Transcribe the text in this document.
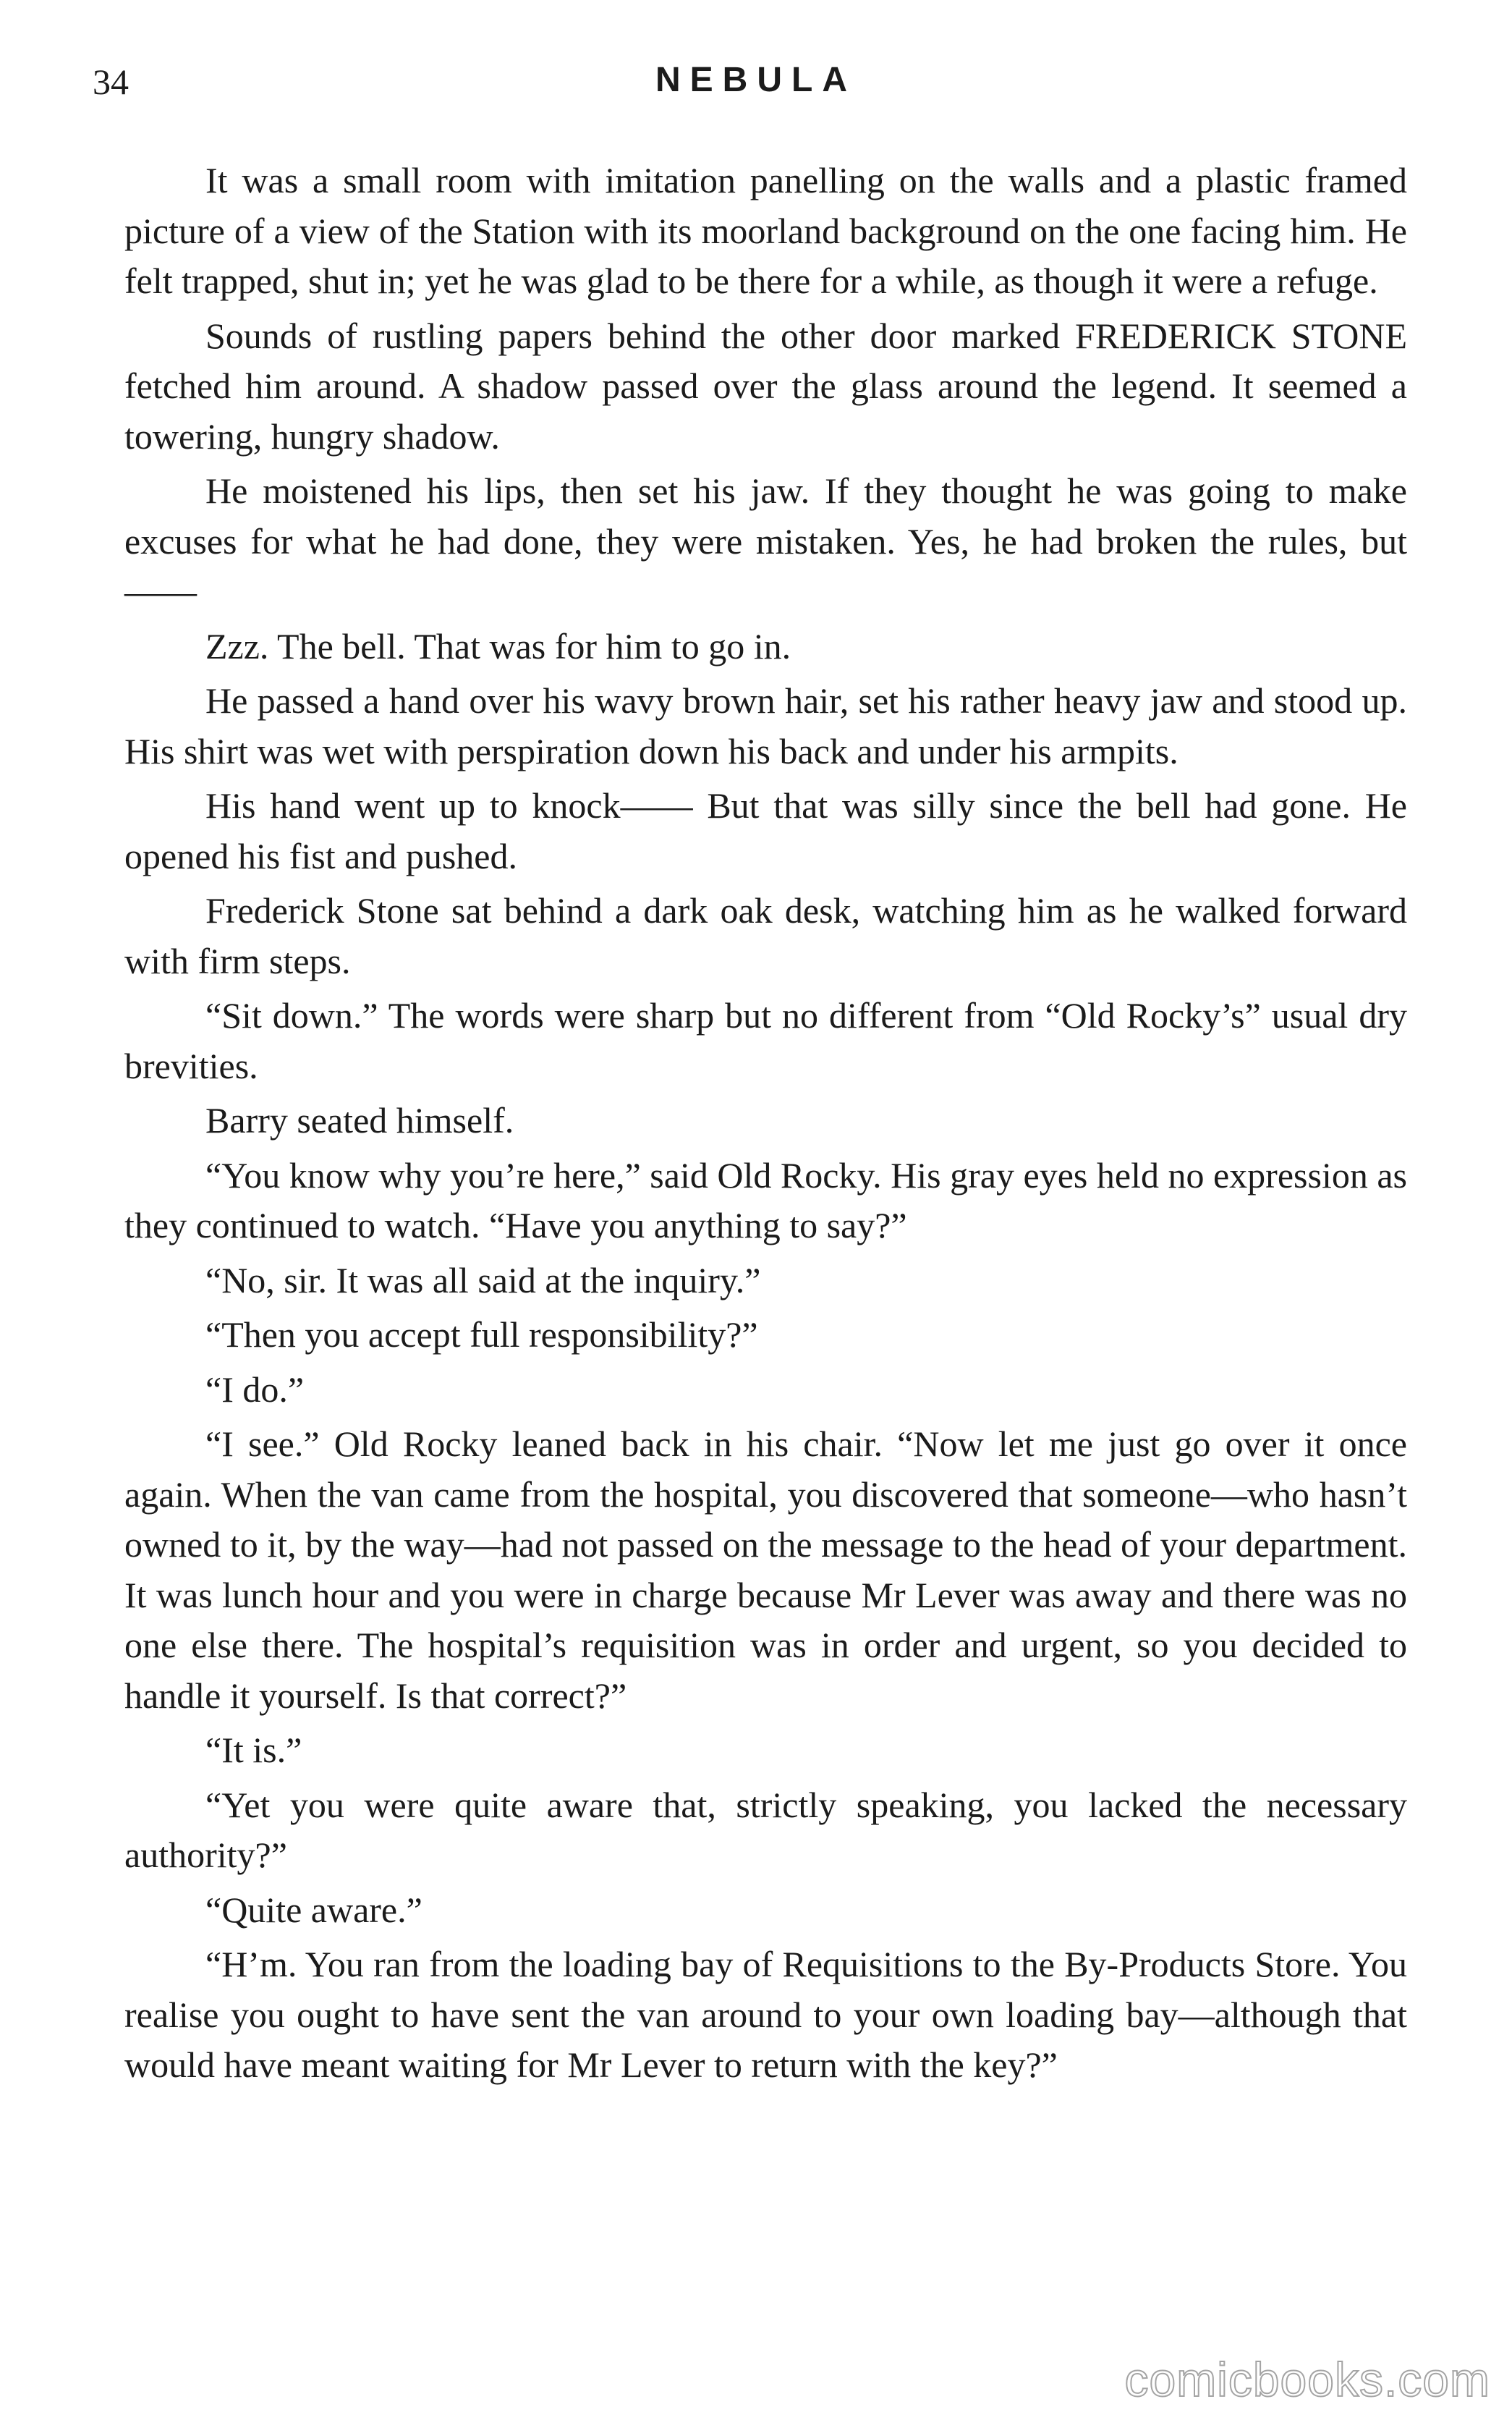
34	NEBULA

It was a small room with imitation panelling on the walls and a plastic framed picture of a view of the Station with its moorland background on the one facing him. He felt trapped, shut in; yet he was glad to be there for a while, as though it were a refuge.

Sounds of rustling papers behind the other door marked FREDERICK STONE fetched him around. A shadow passed over the glass around the legend. It seemed a towering, hungry shadow.

He moistened his lips, then set his jaw. If they thought he was going to make excuses for what he had done, they were mistaken. Yes, he had broken the rules, but——

Zzz. The bell. That was for him to go in.

He passed a hand over his wavy brown hair, set his rather heavy jaw and stood up. His shirt was wet with perspiration down his back and under his armpits.

His hand went up to knock—— But that was silly since the bell had gone. He opened his fist and pushed.

Frederick Stone sat behind a dark oak desk, watching him as he walked forward with firm steps.

“Sit down.” The words were sharp but no different from “Old Rocky’s” usual dry brevities.

Barry seated himself.

“You know why you’re here,” said Old Rocky. His gray eyes held no expression as they continued to watch. “Have you anything to say?”

“No, sir. It was all said at the inquiry.”

“Then you accept full responsibility?”

“I do.”

“I see.” Old Rocky leaned back in his chair. “Now let me just go over it once again. When the van came from the hospital, you discovered that someone—who hasn’t owned to it, by the way—had not passed on the message to the head of your department. It was lunch hour and you were in charge because Mr Lever was away and there was no one else there. The hospital’s requisition was in order and urgent, so you decided to handle it yourself. Is that correct?”

“It is.”

“Yet you were quite aware that, strictly speaking, you lacked the necessary authority?”

“Quite aware.”

“H’m. You ran from the loading bay of Requisitions to the By-Products Store. You realise you ought to have sent the van around to your own loading bay—although that would have meant waiting for Mr Lever to return with the key?”

comicbooks.com
